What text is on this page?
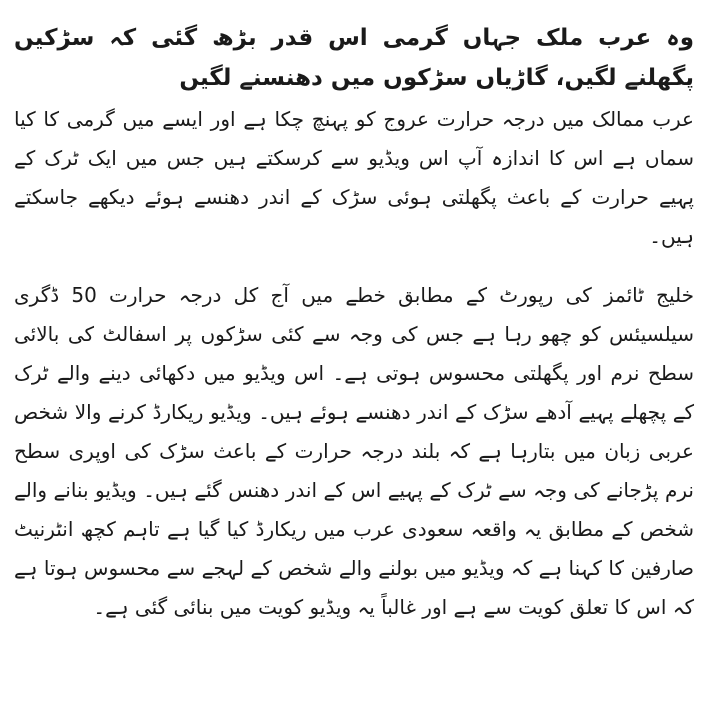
وہ عرب ملک جہاں گرمی اس قدر بڑھ گئی کہ سڑکیں پگھلنے لگیں، گاڑیاں سڑکوں میں دھنسنے لگیں

عرب ممالک میں درجہ حرارت عروج کو پہنچ چکا ہے اور ایسے میں گرمی کا کیا سماں ہے اس کا اندازہ آپ اس ویڈیو سے کرسکتے ہیں جس میں ایک ٹرک کے پہیے حرارت کے باعث پگھلتی ہوئی سڑک کے اندر دھنسے ہوئے دیکھے جاسکتے ہیں۔

خلیج ٹائمز کی رپورٹ کے مطابق خطے میں آج کل درجہ حرارت 50 ڈگری سیلسیئس کو چھو رہا ہے جس کی وجہ سے کئی سڑکوں پر اسفالٹ کی بالائی سطح نرم اور پگھلتی محسوس ہوتی ہے۔ اس ویڈیو میں دکھائی دینے والے ٹرک کے پچھلے پہیے آدھے سڑک کے اندر دھنسے ہوئے ہیں۔ ویڈیو ریکارڈ کرنے والا شخص عربی زبان میں بتارہا ہے کہ بلند درجہ حرارت کے باعث سڑک کی اوپری سطح نرم پڑجانے کی وجہ سے ٹرک کے پہیے اس کے اندر دھنس گئے ہیں۔ ویڈیو بنانے والے شخص کے مطابق یہ واقعہ سعودی عرب میں ریکارڈ کیا گیا ہے تاہم کچھ انٹرنیٹ صارفین کا کہنا ہے کہ ویڈیو میں بولنے والے شخص کے لہجے سے محسوس ہوتا ہے کہ اس کا تعلق کویت سے ہے اور غالباً یہ ویڈیو کویت میں بنائی گئی ہے۔
